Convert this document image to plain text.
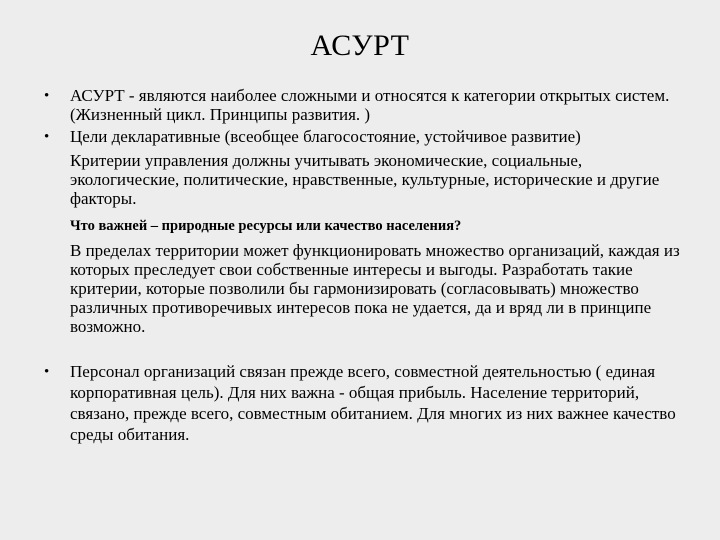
АСУРТ
• АСУРТ - являются наиболее сложными и относятся к категории открытых систем. (Жизненный цикл. Принципы развития. )
• Цели декларативные (всеобщее благосостояние, устойчивое развитие)
Критерии управления должны учитывать экономические, социальные, экологические, политические, нравственные, культурные, исторические и другие факторы.
Что важней – природные ресурсы или качество населения?
В пределах территории может функционировать множество организаций, каждая из которых преследует свои собственные интересы и выгоды. Разработать такие критерии, которые позволили бы гармонизировать (согласовывать) множество различных противоречивых интересов пока не удается, да и вряд ли в принципе возможно.
• Персонал организаций связан прежде всего, совместной деятельностью ( единая корпоративная цель). Для них важна - общая прибыль. Население территорий, связано, прежде всего, совместным обитанием. Для многих из них важнее качество среды обитания.
